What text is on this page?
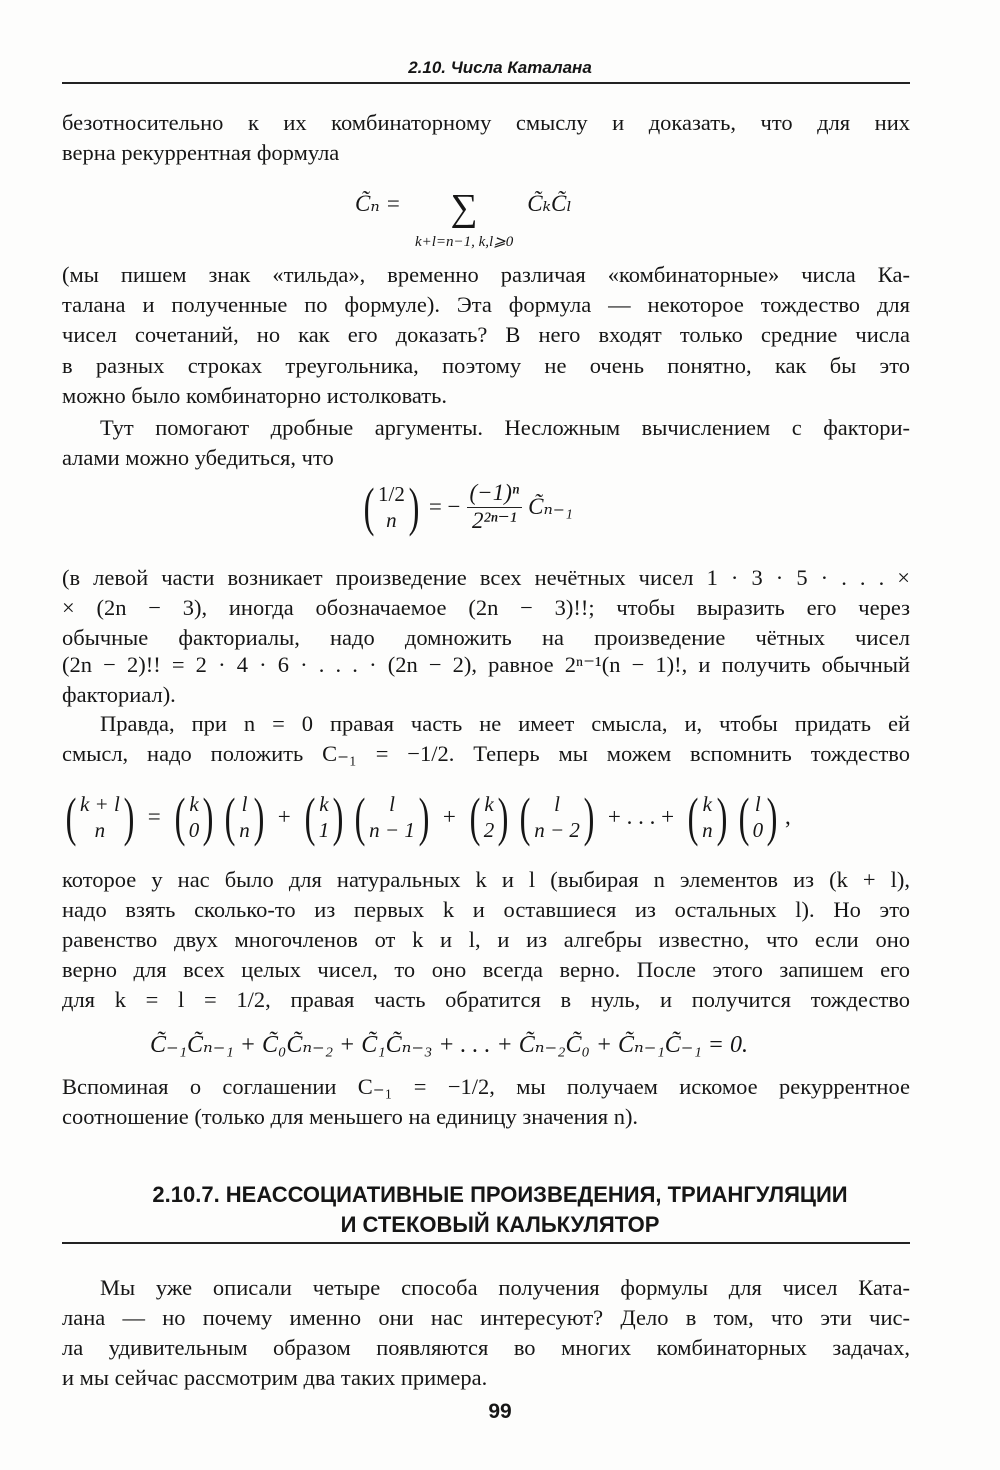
2.10. Числа Каталана
безотносительно к их комбинаторному смыслу и доказать, что для них
верна рекуррентная формула
C̃ₙ = ∑
k+l=n−1, k,l⩾0
C̃ₖC̃ₗ
(мы пишем знак «тильда», временно различая «комбинаторные» числа Ка-
талана и полученные по формуле). Эта формула — некоторое тождество для
чисел сочетаний, но как его доказать? В него входят только средние числа
в разных строках треугольника, поэтому не очень понятно, как бы это
можно было комбинаторно истолковать.
Тут помогают дробные аргументы. Несложным вычислением с фактори-
алами можно убедиться, что
( 1/2
n ) = − $\frac{\text{(−1)ⁿ}}{\text{2²ⁿ⁻¹}}$ C̃ₙ₋₁
(в левой части возникает произведение всех нечётных чисел 1 · 3 · 5 · . . . ×
× (2n − 3), иногда обозначаемое (2n − 3)!!; чтобы выразить его через
обычные факториалы, надо домножить на произведение чётных чисел
(2n − 2)!! = 2 · 4 · 6 · . . . · (2n − 2), равное 2ⁿ⁻¹(n − 1)!, и получить обычный
факториал).
Правда, при n = 0 правая часть не имеет смысла, и, чтобы придать ей
смысл, надо положить C₋₁ = −1/2. Теперь мы можем вспомнить тождество
( k + l
n ) = ( k
0 ) ( l
n ) + ( k
1 ) ( l
n − 1 ) + ( k
2 ) ( l
n − 2 ) + . . . + ( k
n ) ( l
0 ) ,
которое у нас было для натуральных k и l (выбирая n элементов из (k + l),
надо взять сколько-то из первых k и оставшиеся из остальных l). Но это
равенство двух многочленов от k и l, и из алгебры известно, что если оно
верно для всех целых чисел, то оно всегда верно. После этого запишем его
для k = l = 1/2, правая часть обратится в нуль, и получится тождество
C̃₋₁C̃ₙ₋₁ + C̃₀C̃ₙ₋₂ + C̃₁C̃ₙ₋₃ + . . . + C̃ₙ₋₂C̃₀ + C̃ₙ₋₁C̃₋₁ = 0.
Вспоминая о соглашении C₋₁ = −1/2, мы получаем искомое рекуррентное
соотношение (только для меньшего на единицу значения n).
2.10.7. НЕАССОЦИАТИВНЫЕ ПРОИЗВЕДЕНИЯ, ТРИАНГУЛЯЦИИ
И СТЕКОВЫЙ КАЛЬКУЛЯТОР
Мы уже описали четыре способа получения формулы для чисел Ката-
лана — но почему именно они нас интересуют? Дело в том, что эти чис-
ла удивительным образом появляются во многих комбинаторных задачах,
и мы сейчас рассмотрим два таких примера.
99
